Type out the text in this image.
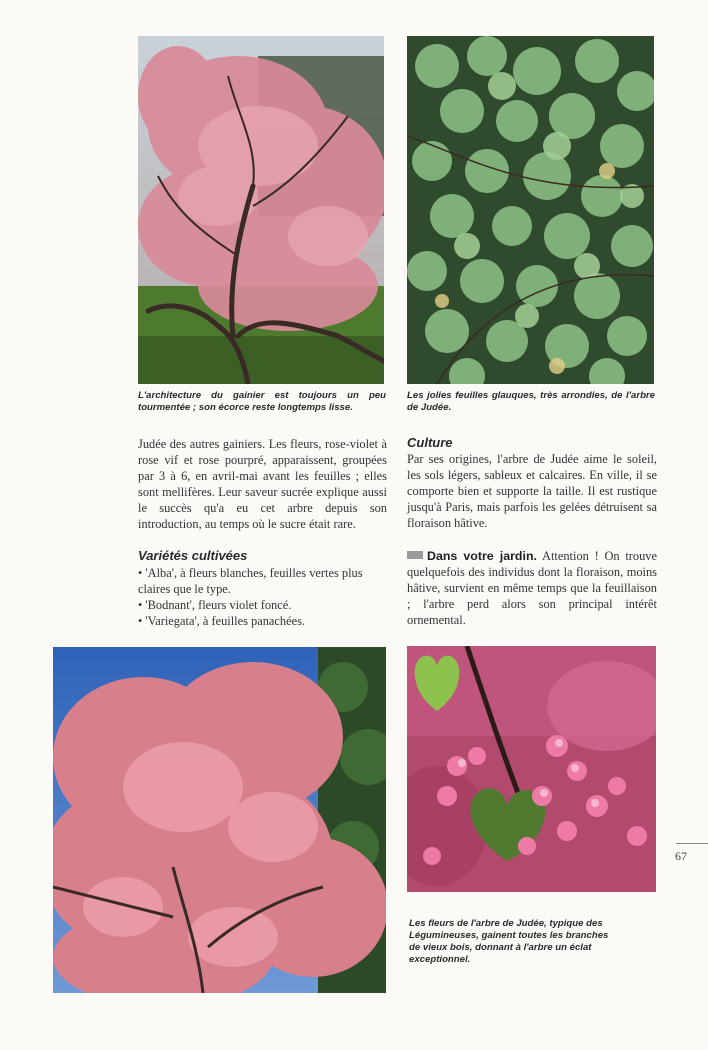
L'architecture du gainier est toujours un peu tourmentée ; son écorce reste longtemps lisse.

Les jolies feuilles glauques, très arrondies, de l'arbre de Judée.

Judée des autres gainiers. Les fleurs, rose-violet à rose vif et rose pourpré, apparaissent, groupées par 3 à 6, en avril-mai avant les feuilles ; elles sont mellifères. Leur saveur sucrée explique aussi le succès qu'a eu cet arbre depuis son introduction, au temps où le sucre était rare.

Variétés cultivées
• 'Alba', à fleurs blanches, feuilles vertes plus claires que le type.
• 'Bodnant', fleurs violet foncé.
• 'Variegata', à feuilles panachées.
Culture

Par ses origines, l'arbre de Judée aime le soleil, les sols légers, sableux et calcaires. En ville, il se comporte bien et supporte la taille. Il est rustique jusqu'à Paris, mais parfois les gelées détruisent sa floraison hâtive.

Dans votre jardin. Attention ! On trouve quelquefois des individus dont la floraison, moins hâtive, survient en même temps que la feuillaison ; l'arbre perd alors son principal intérêt ornemental.

Les fleurs de l'arbre de Judée, typique des Légumineuses, gainent toutes les branches de vieux bois, donnant à l'arbre un éclat exceptionnel.

67
